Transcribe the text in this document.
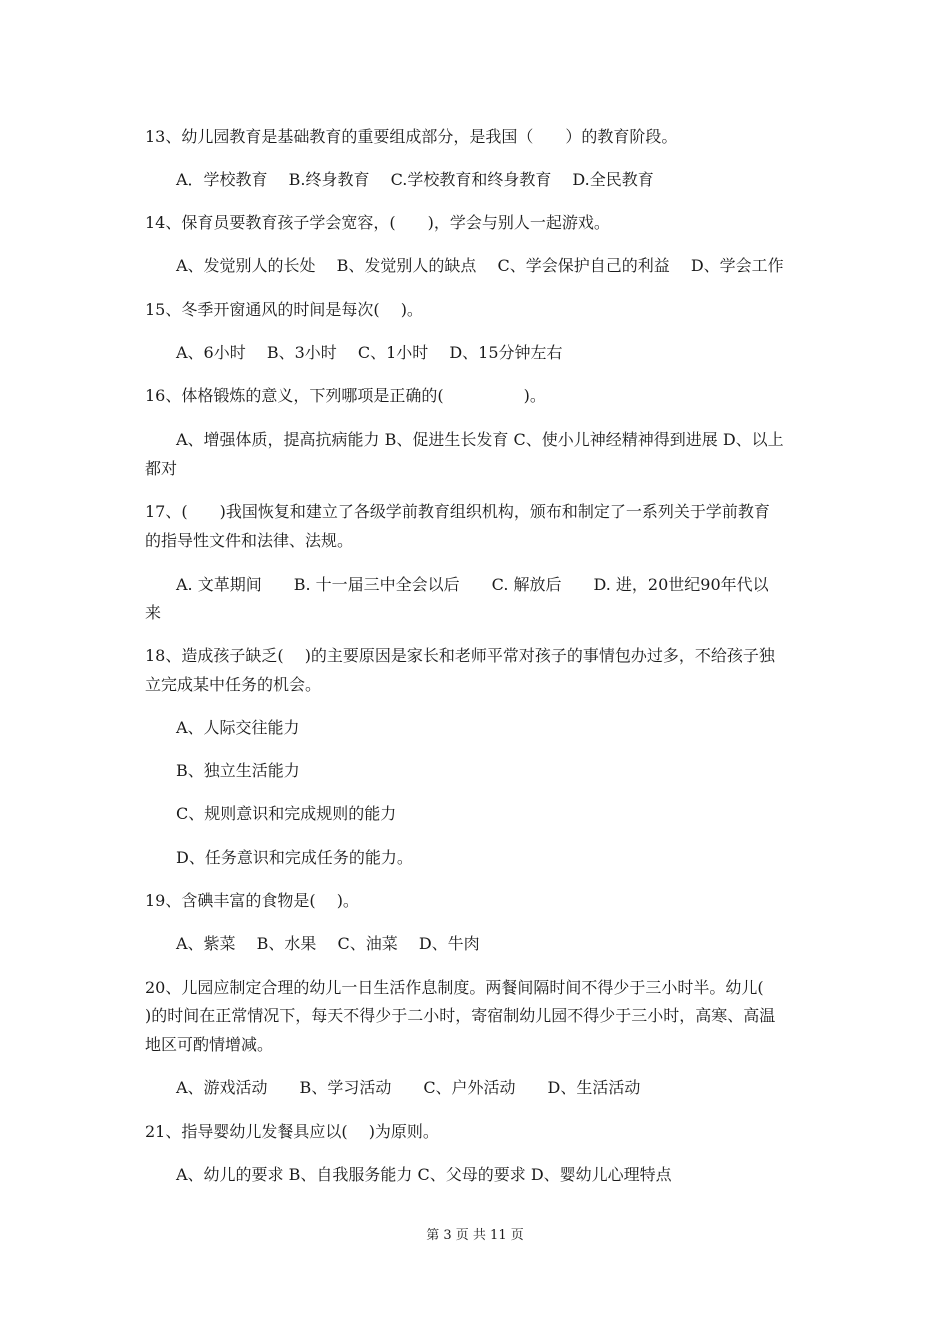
13、幼儿园教育是基础教育的重要组成部分，是我国（　　）的教育阶段。
A．学校教育　 B.终身教育　 C.学校教育和终身教育　 D.全民教育
14、保育员要教育孩子学会宽容，(　　)，学会与别人一起游戏。
A、发觉别人的长处　 B、发觉别人的缺点　 C、学会保护自己的利益　 D、学会工作
15、冬季开窗通风的时间是每次(　 )。
A、6小时　 B、3小时　 C、1小时　 D、15分钟左右
16、体格锻炼的意义，下列哪项是正确的(　　　　　)。
A、增强体质，提高抗病能力 B、促进生长发育 C、使小儿神经精神得到进展 D、以上
都对
17、(　　)我国恢复和建立了各级学前教育组织机构，颁布和制定了一系列关于学前教育
的指导性文件和法律、法规。
A. 文革期间　　B. 十一届三中全会以后　　C. 解放后　　D. 进，20世纪90年代以
来
18、造成孩子缺乏(　 )的主要原因是家长和老师平常对孩子的事情包办过多，不给孩子独
立完成某中任务的机会。
A、人际交往能力
B、独立生活能力
C、规则意识和完成规则的能力
D、任务意识和完成任务的能力。
19、含碘丰富的食物是(　 )。
A、紫菜　 B、水果　 C、油菜　 D、牛肉
20、儿园应制定合理的幼儿一日生活作息制度。两餐间隔时间不得少于三小时半。幼儿(
)的时间在正常情况下，每天不得少于二小时，寄宿制幼儿园不得少于三小时，高寒、高温
地区可酌情增减。
A、游戏活动　　B、学习活动　　C、户外活动　　D、生活活动
21、指导婴幼儿发餐具应以(　 )为原则。
A、幼儿的要求 B、自我服务能力 C、父母的要求 D、婴幼儿心理特点
第 3 页 共 11 页
